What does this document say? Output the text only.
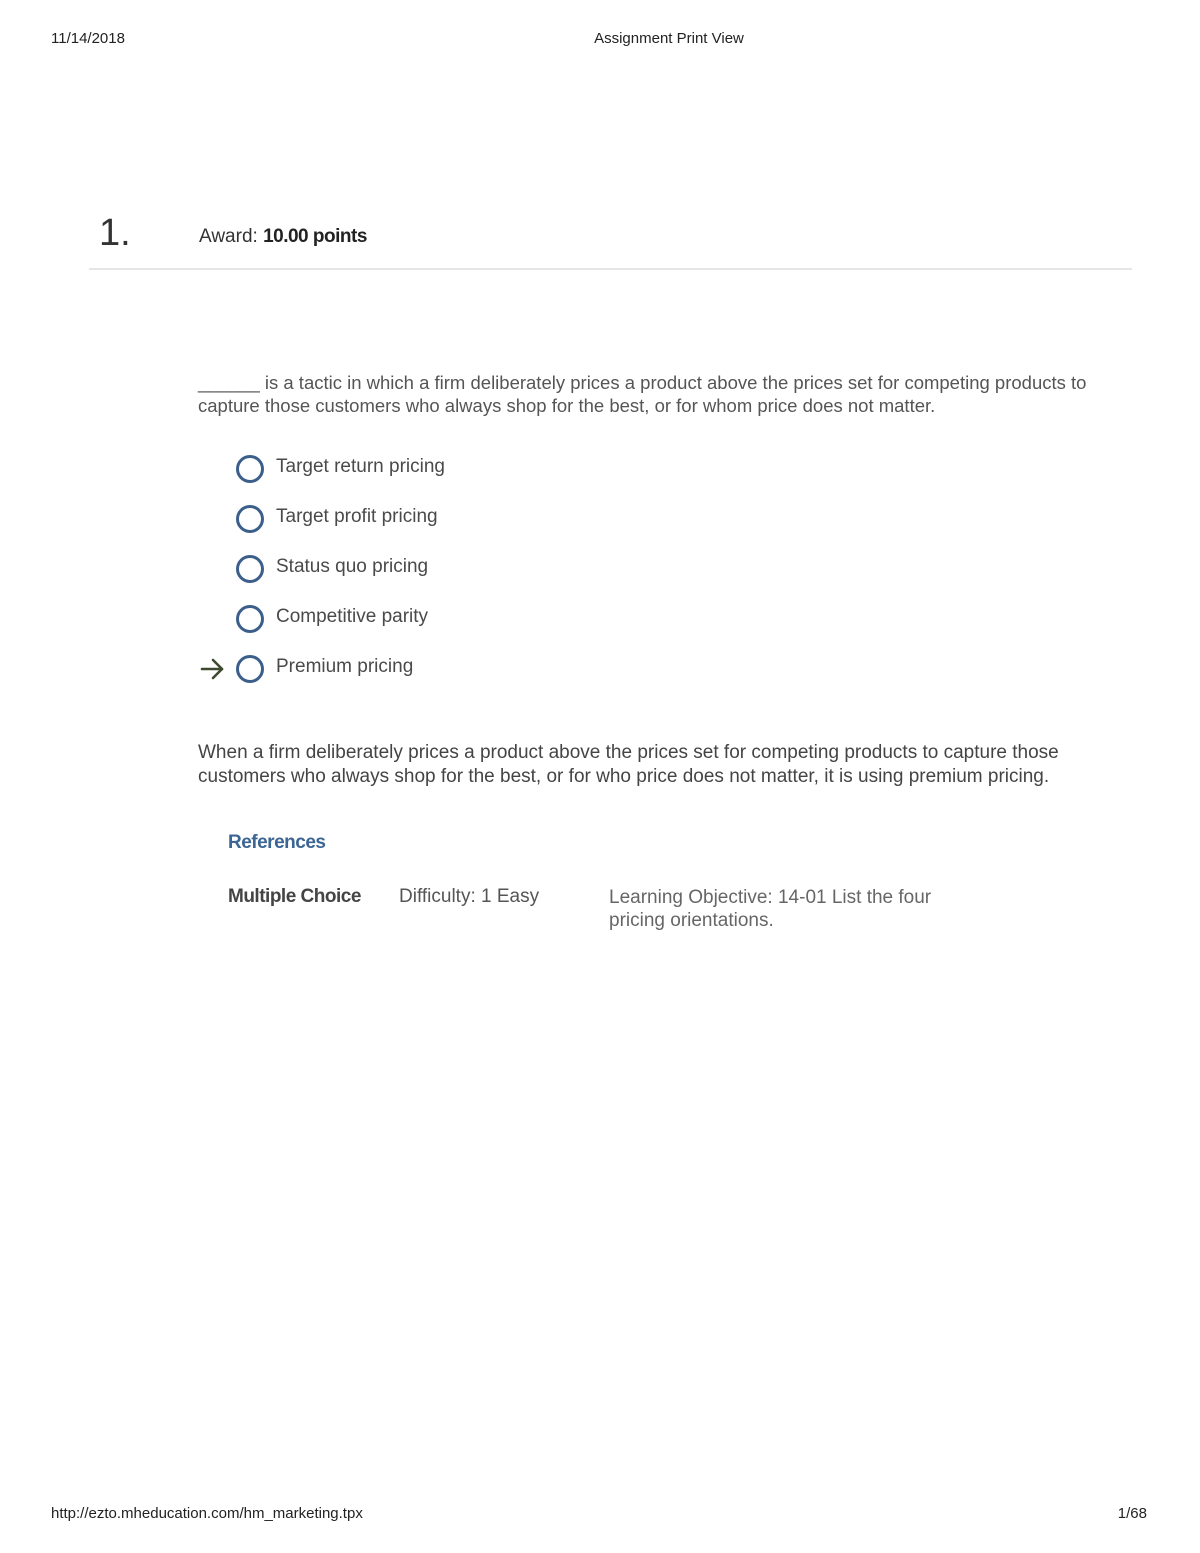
11/14/2018	Assignment Print View
1.	Award: 10.00 points
______ is a tactic in which a firm deliberately prices a product above the prices set for competing products to capture those customers who always shop for the best, or for whom price does not matter.
Target return pricing
Target profit pricing
Status quo pricing
Competitive parity
Premium pricing
When a firm deliberately prices a product above the prices set for competing products to capture those customers who always shop for the best, or for who price does not matter, it is using premium pricing.
References
Multiple Choice Difficulty: 1 Easy	Learning Objective: 14-01 List the four pricing orientations.
http://ezto.mheducation.com/hm_marketing.tpx	1/68
